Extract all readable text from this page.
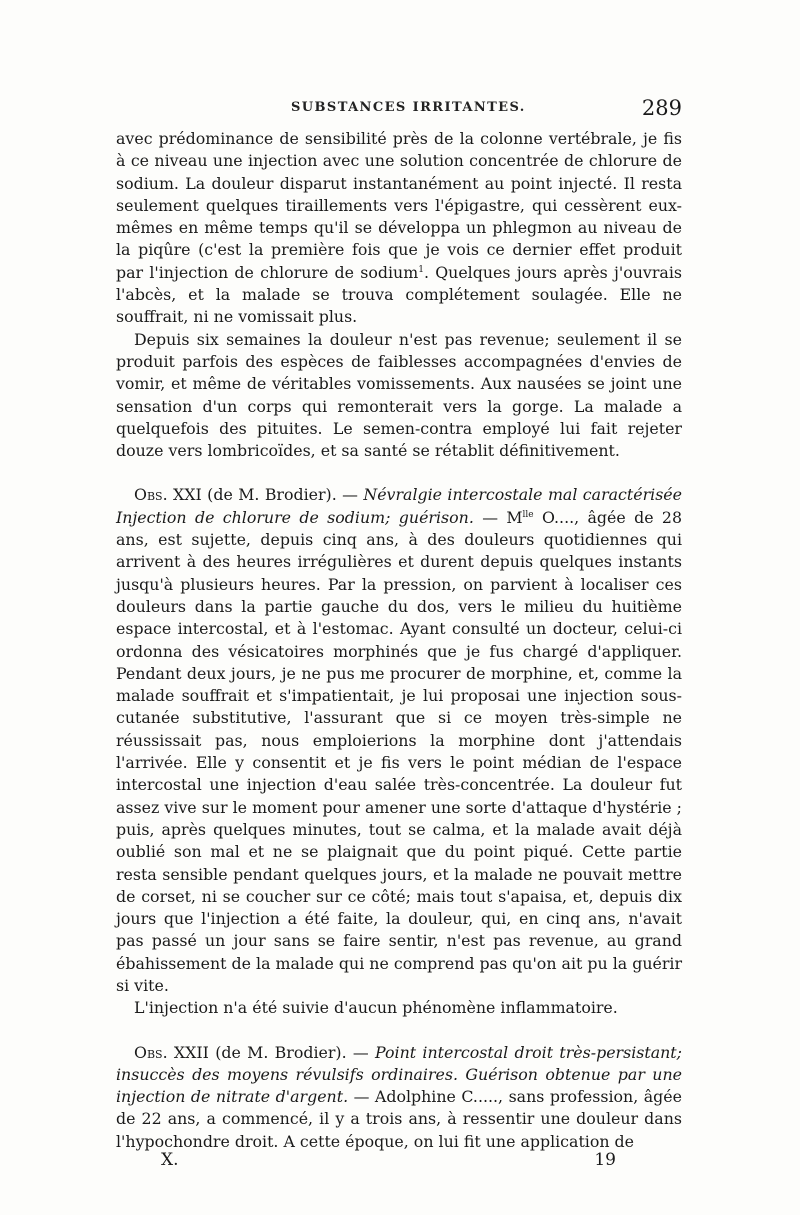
SUBSTANCES IRRITANTES.	289

avec prédominance de sensibilité près de la colonne vertébrale, je fis à ce niveau une injection avec une solution concentrée de chlorure de sodium. La douleur disparut instantanément au point injecté. Il resta seulement quelques tiraillements vers l'épigastre, qui cessèrent eux-mêmes en même temps qu'il se développa un phlegmon au niveau de la piqûre (c'est la première fois que je vois ce dernier effet produit par l'injection de chlorure de sodium$^1$. Quelques jours après j'ouvrais l'abcès, et la malade se trouva complétement soulagée. Elle ne souffrait, ni ne vomissait plus.

Depuis six semaines la douleur n'est pas revenue; seulement il se produit parfois des espèces de faiblesses accompagnées d'envies de vomir, et même de véritables vomissements. Aux nausées se joint une sensation d'un corps qui remonterait vers la gorge. La malade a quelquefois des pituites. Le semen-contra employé lui fait rejeter douze vers lombricoïdes, et sa santé se rétablit définitivement.

Obs. XXI (de M. Brodier). — Névralgie intercostale mal caractérisée Injection de chlorure de sodium; guérison. — $M^{lle}$ O...., âgée de 28 ans, est sujette, depuis cinq ans, à des douleurs quotidiennes qui arrivent à des heures irrégulières et durent depuis quelques instants jusqu'à plusieurs heures. Par la pression, on parvient à localiser ces douleurs dans la partie gauche du dos, vers le milieu du huitième espace intercostal, et à l'estomac. Ayant consulté un docteur, celui-ci ordonna des vésicatoires morphinés que je fus chargé d'appliquer. Pendant deux jours, je ne pus me procurer de morphine, et, comme la malade souffrait et s'impatientait, je lui proposai une injection sous-cutanée substitutive, l'assurant que si ce moyen très-simple ne réussissait pas, nous emploierions la morphine dont j'attendais l'arrivée. Elle y consentit et je fis vers le point médian de l'espace intercostal une injection d'eau salée très-concentrée. La douleur fut assez vive sur le moment pour amener une sorte d'attaque d'hystérie ; puis, après quelques minutes, tout se calma, et la malade avait déjà oublié son mal et ne se plaignait que du point piqué. Cette partie resta sensible pendant quelques jours, et la malade ne pouvait mettre de corset, ni se coucher sur ce côté; mais tout s'apaisa, et, depuis dix jours que l'injection a été faite, la douleur, qui, en cinq ans, n'avait pas passé un jour sans se faire sentir, n'est pas revenue, au grand ébahissement de la malade qui ne comprend pas qu'on ait pu la guérir si vite.

L'injection n'a été suivie d'aucun phénomène inflammatoire.

Obs. XXII (de M. Brodier). — Point intercostal droit très-persistant; insuccès des moyens révulsifs ordinaires. Guérison obtenue par une injection de nitrate d'argent. — Adolphine C....., sans profession, âgée de 22 ans, a commencé, il y a trois ans, à ressentir une douleur dans l'hypochondre droit. A cette époque, on lui fit une application de

X.	19
